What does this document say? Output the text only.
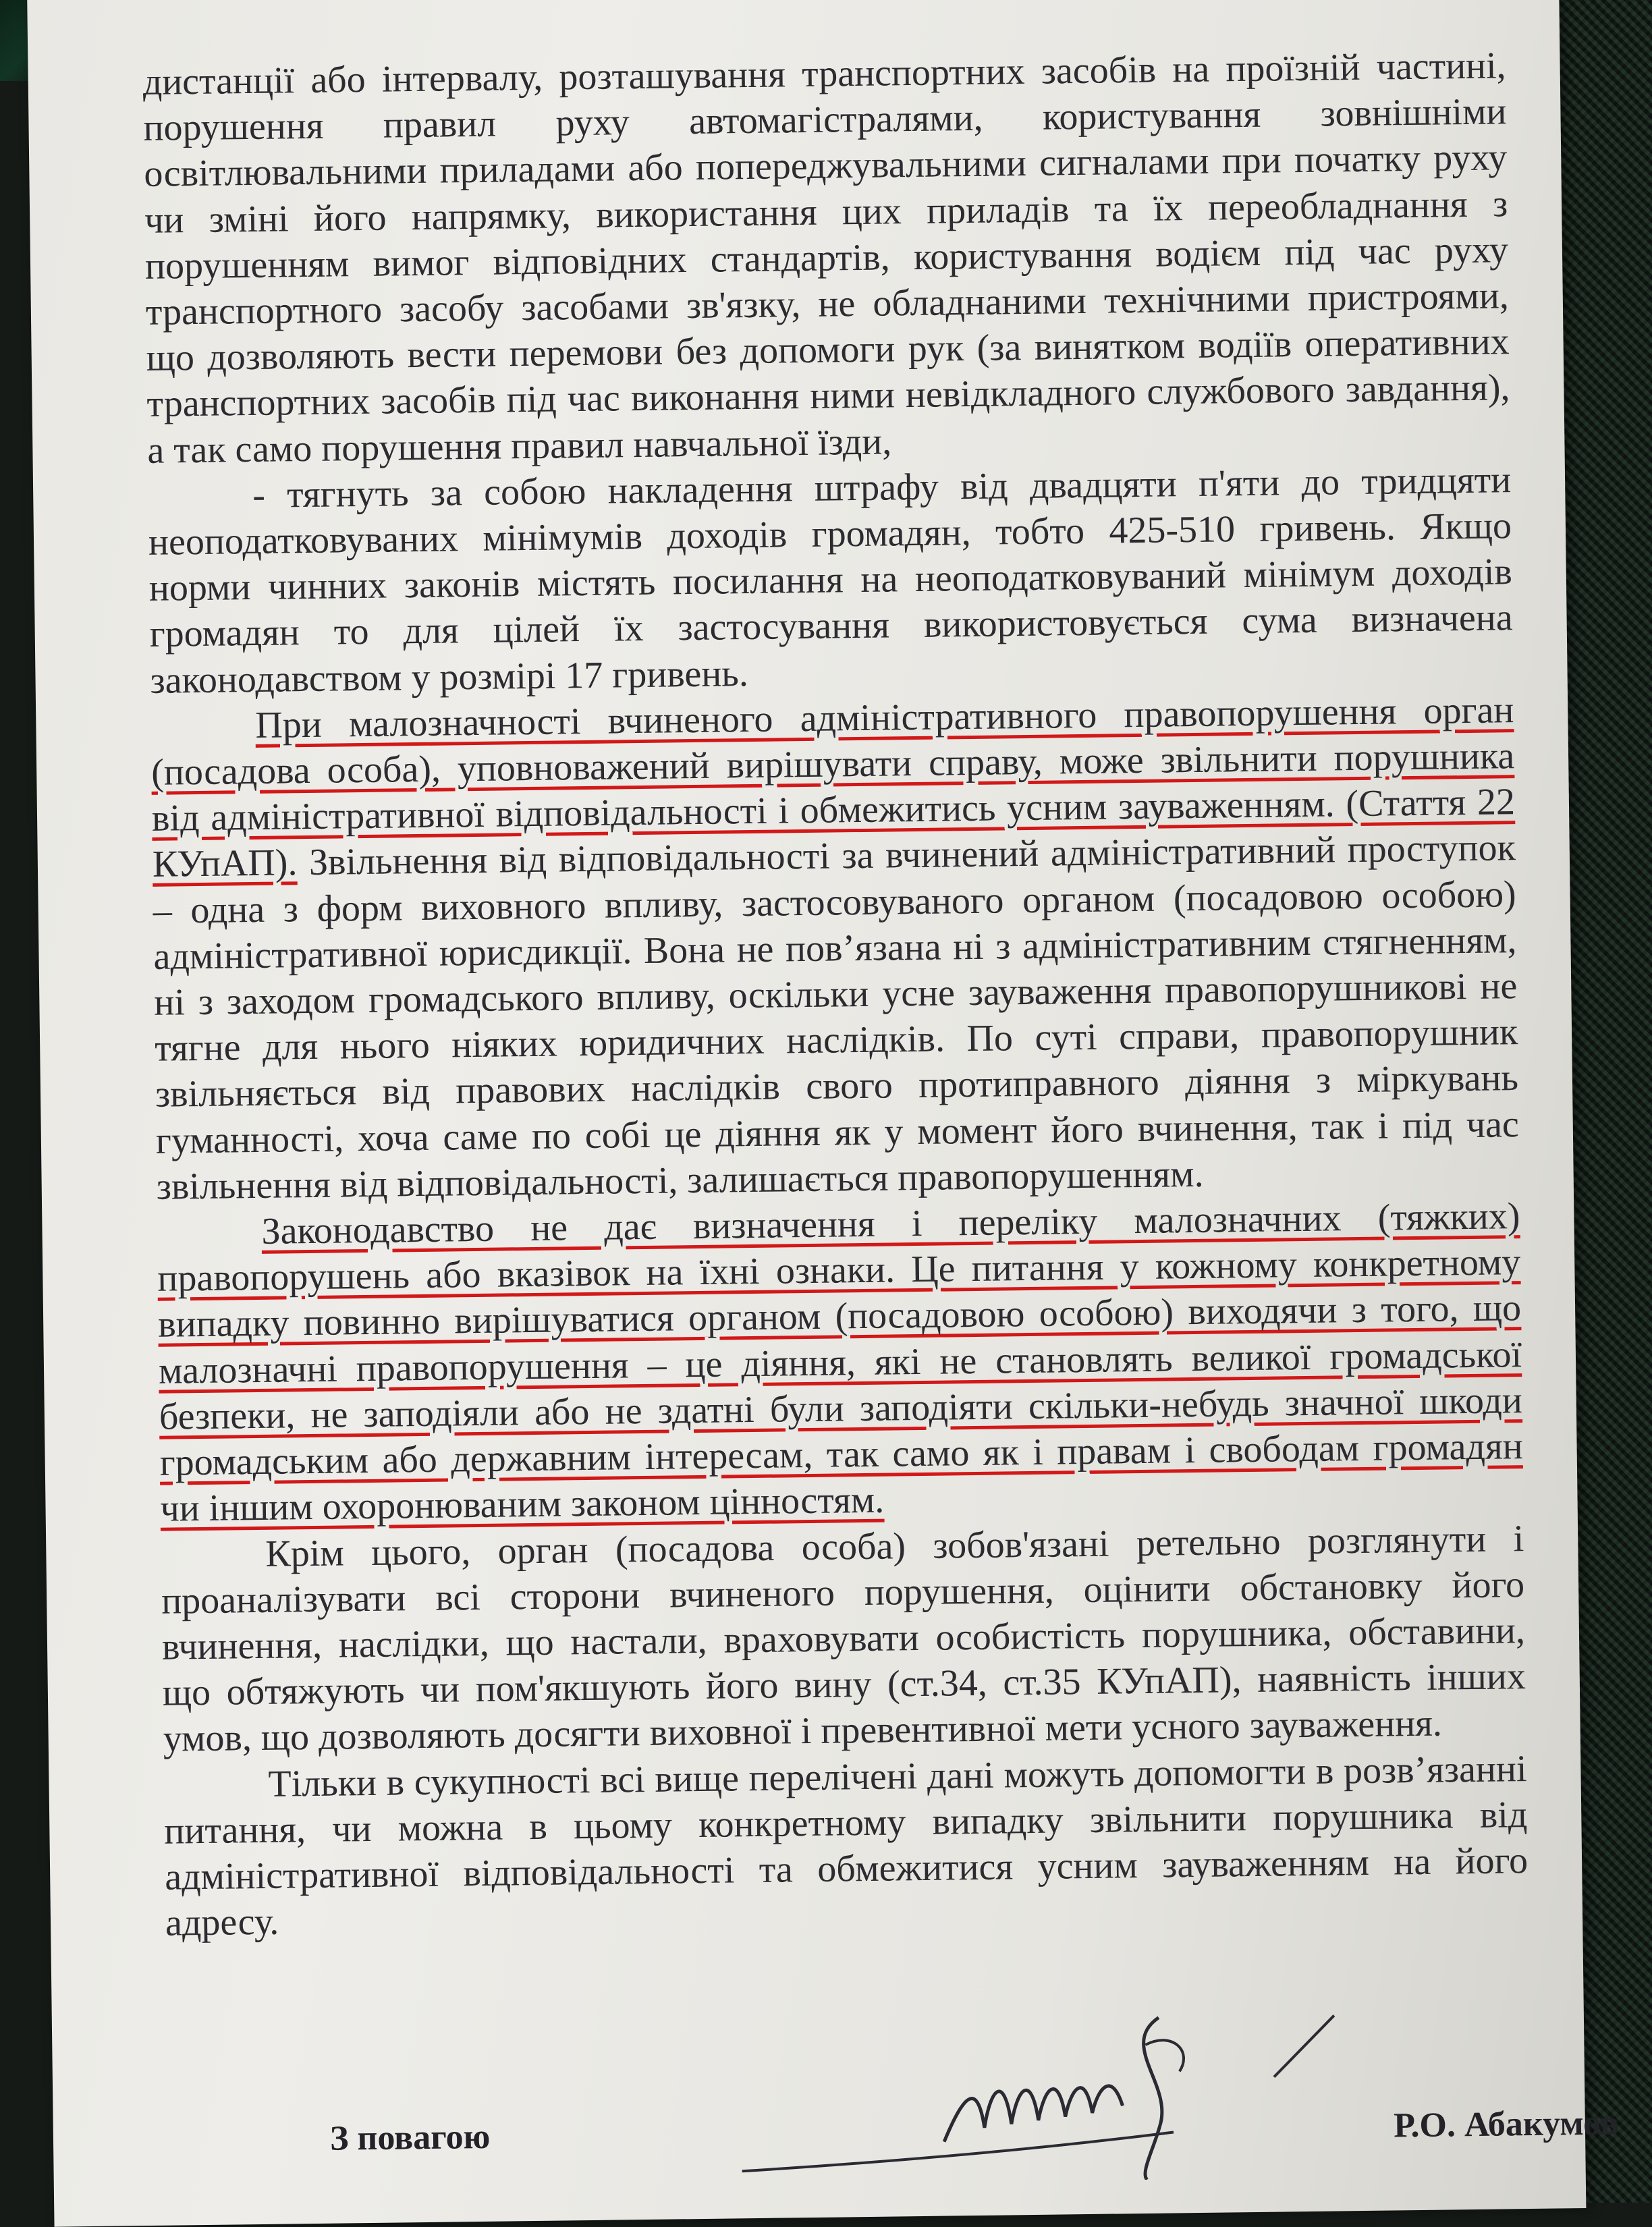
дистанції або інтервалу, розташування транспортних засобів на проїзній частині, порушення правил руху автомагістралями, користування зовнішніми освітлювальними приладами або попереджувальними сигналами при початку руху чи зміні його напрямку, використання цих приладів та їх переобладнання з порушенням вимог відповідних стандартів, користування водієм під час руху транспортного засобу засобами зв'язку, не обладнаними технічними пристроями, що дозволяють вести перемови без допомоги рук (за винятком водіїв оперативних транспортних засобів під час виконання ними невідкладного службового завдання), а так само порушення правил навчальної їзди,

- тягнуть за собою накладення штрафу від двадцяти п'яти до тридцяти неоподатковуваних мінімумів доходів громадян, тобто 425-510 гривень. Якщо норми чинних законів містять посилання на неоподатковуваний мінімум доходів громадян то для цілей їх застосування використовується сума визначена законодавством у розмірі 17 гривень.

При малозначності вчиненого адміністративного правопорушення орган (посадова особа), уповноважений вирішувати справу, може звільнити порушника від адміністративної відповідальності і обмежитись усним зауваженням. (Стаття 22 КУпАП). Звільнення від відповідальності за вчинений адміністративний проступок – одна з форм виховного впливу, застосовуваного органом (посадовою особою) адміністративної юрисдикції. Вона не пов’язана ні з адміністративним стягненням, ні з заходом громадського впливу, оскільки усне зауваження правопорушникові не тягне для нього ніяких юридичних наслідків. По суті справи, правопорушник звільняється від правових наслідків свого протиправного діяння з міркувань гуманності, хоча саме по собі це діяння як у момент його вчинення, так і під час звільнення від відповідальності, залишається правопорушенням.

Законодавство не дає визначення і переліку малозначних (тяжких) правопорушень або вказівок на їхні ознаки. Це питання у кожному конкретному випадку повинно вирішуватися органом (посадовою особою) виходячи з того, що малозначні правопорушення – це діяння, які не становлять великої громадської безпеки, не заподіяли або не здатні були заподіяти скільки-небудь значної шкоди громадським або державним інтересам, так само як і правам і свободам громадян чи іншим охоронюваним законом цінностям.

Крім цього, орган (посадова особа) зобов'язані ретельно розглянути і проаналізувати всі сторони вчиненого порушення, оцінити обстановку його вчинення, наслідки, що настали, враховувати особистість порушника, обставини, що обтяжують чи пом'якшують його вину (ст.34, ст.35 КУпАП), наявність інших умов, що дозволяють досягти виховної і превентивної мети усного зауваження.

Тільки в сукупності всі вище перелічені дані можуть допомогти в розв’язанні питання, чи можна в цьому конкретному випадку звільнити порушника від адміністративної відповідальності та обмежитися усним зауваженням на його адресу.

З повагою	Р.О. Абакумов
